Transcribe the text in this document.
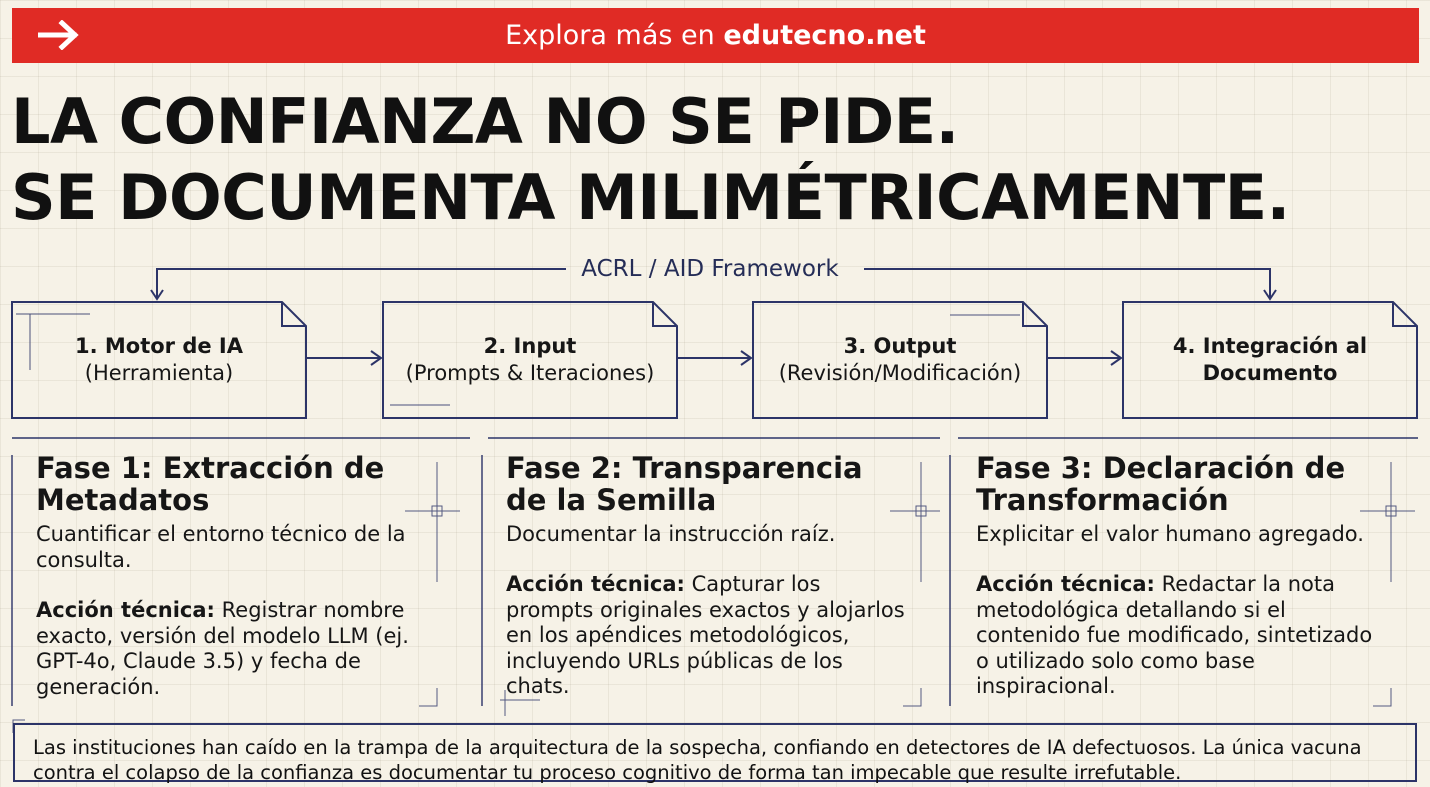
Explora más en edutecno.net
LA CONFIANZA NO SE PIDE.
SE DOCUMENTA MILIMÉTRICAMENTE.
ACRL / AID Framework
1. Motor de IA
(Herramienta)
2. Input
(Prompts & Iteraciones)
3. Output
(Revisión/Modificación)
4. Integración al Documento
Fase 1: Extracción de Metadatos

Cuantificar el entorno técnico de la consulta.

Acción técnica: Registrar nombre exacto, versión del modelo LLM (ej. GPT-4o, Claude 3.5) y fecha de generación.

Fase 2: Transparencia de la Semilla

Documentar la instrucción raíz.

Acción técnica: Capturar los prompts originales exactos y alojarlos en los apéndices metodológicos, incluyendo URLs públicas de los chats.

Fase 3: Declaración de Transformación

Explicitar el valor humano agregado.

Acción técnica: Redactar la nota metodológica detallando si el contenido fue modificado, sintetizado o utilizado solo como base inspiracional.

Las instituciones han caído en la trampa de la arquitectura de la sospecha, confiando en detectores de IA defectuosos. La única vacuna contra el colapso de la confianza es documentar tu proceso cognitivo de forma tan impecable que resulte irrefutable.
